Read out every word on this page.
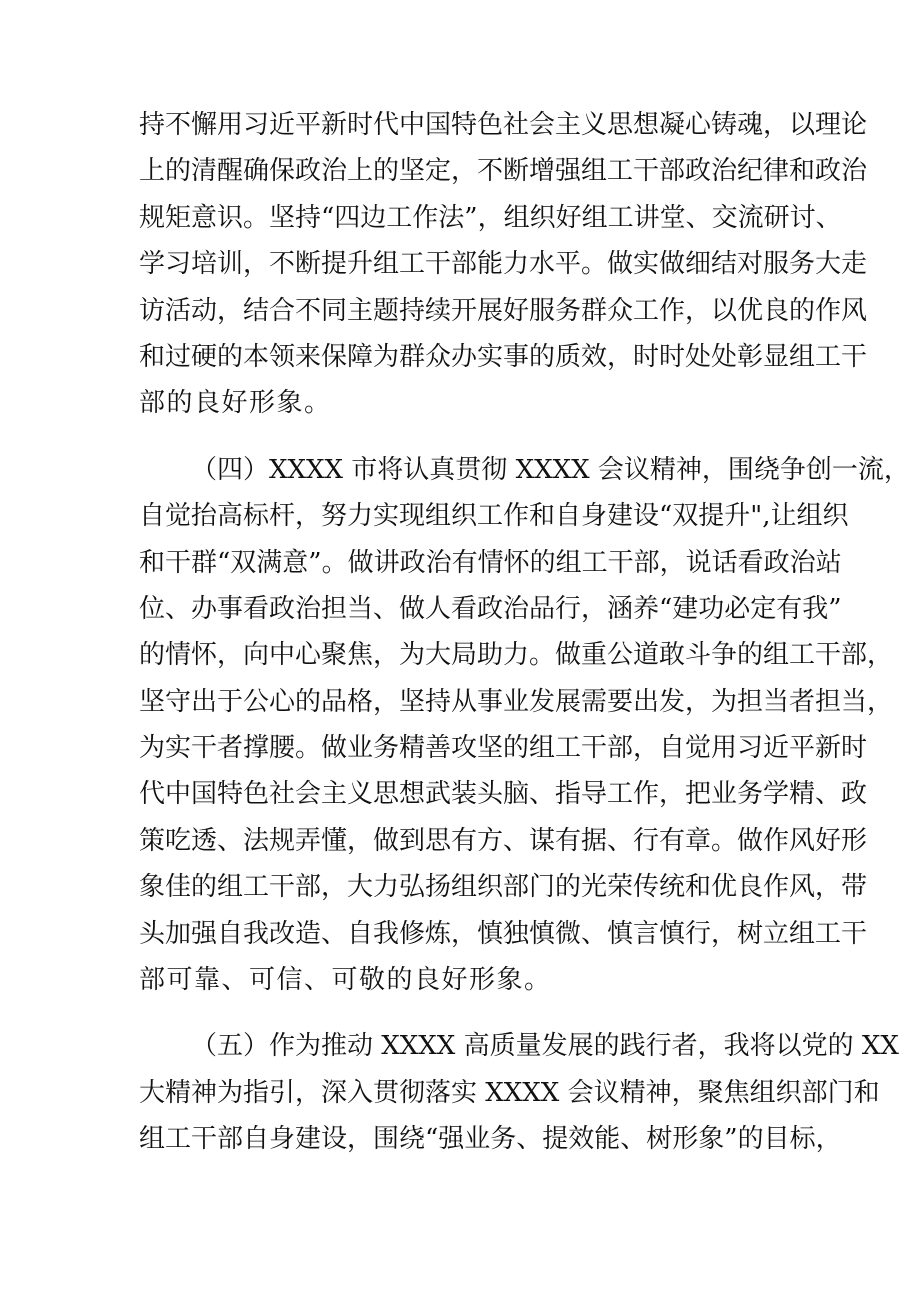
持不懈用习近平新时代中国特色社会主义思想凝心铸魂，以理论
上的清醒确保政治上的坚定，不断增强组工干部政治纪律和政治
规矩意识。坚持“四边工作法”，组织好组工讲堂、交流研讨、
学习培训，不断提升组工干部能力水平。做实做细结对服务大走
访活动，结合不同主题持续开展好服务群众工作，以优良的作风
和过硬的本领来保障为群众办实事的质效，时时处处彰显组工干
部的良好形象。
（四）XXXX 市将认真贯彻 XXXX 会议精神，围绕争创一流，
自觉抬高标杆，努力实现组织工作和自身建设“双提升",让组织
和干群“双满意”。做讲政治有情怀的组工干部，说话看政治站
位、办事看政治担当、做人看政治品行，涵养“建功必定有我”
的情怀，向中心聚焦，为大局助力。做重公道敢斗争的组工干部，
坚守出于公心的品格，坚持从事业发展需要出发，为担当者担当，
为实干者撑腰。做业务精善攻坚的组工干部，自觉用习近平新时
代中国特色社会主义思想武装头脑、指导工作，把业务学精、政
策吃透、法规弄懂，做到思有方、谋有据、行有章。做作风好形
象佳的组工干部，大力弘扬组织部门的光荣传统和优良作风，带
头加强自我改造、自我修炼，慎独慎微、慎言慎行，树立组工干
部可靠、可信、可敬的良好形象。
（五）作为推动 XXXX 高质量发展的践行者，我将以党的 XX
大精神为指引，深入贯彻落实 XXXX 会议精神，聚焦组织部门和
组工干部自身建设，围绕“强业务、提效能、树形象”的目标，
